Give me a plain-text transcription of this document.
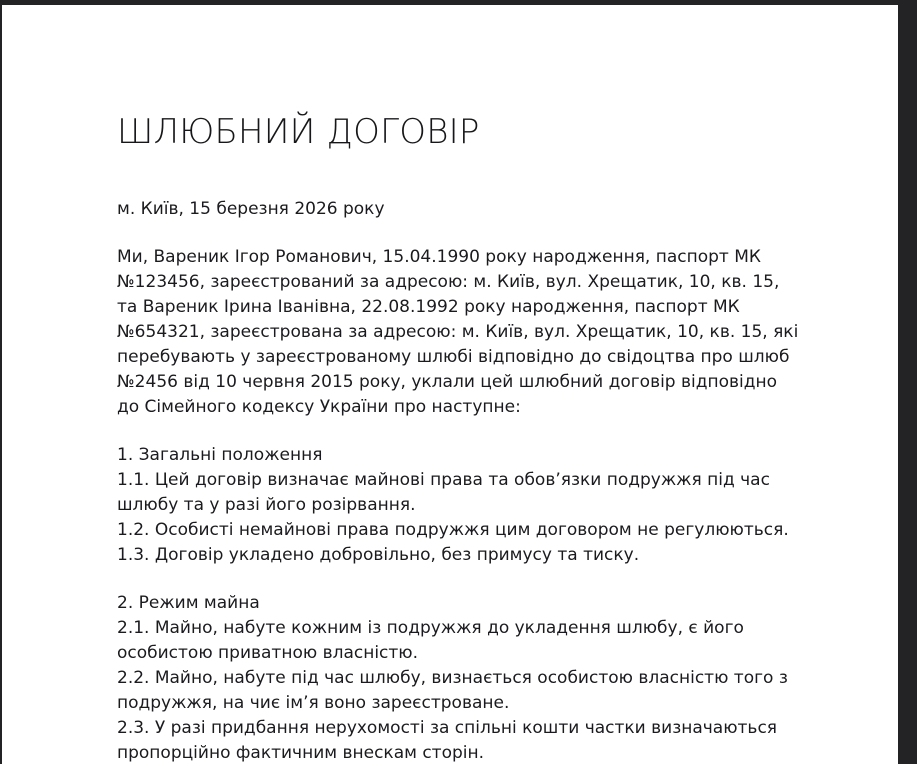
ШЛЮБНИЙ ДОГОВІР

м. Київ, 15 березня 2026 року

Ми, Вареник Ігор Романович, 15.04.1990 року народження, паспорт МК
№123456, зареєстрований за адресою: м. Київ, вул. Хрещатик, 10, кв. 15,
та Вареник Ірина Іванівна, 22.08.1992 року народження, паспорт МК
№654321, зареєстрована за адресою: м. Київ, вул. Хрещатик, 10, кв. 15, які
перебувають у зареєстрованому шлюбі відповідно до свідоцтва про шлюб
№2456 від 10 червня 2015 року, уклали цей шлюбний договір відповідно
до Сімейного кодексу України про наступне:

1. Загальні положення
1.1. Цей договір визначає майнові права та обов’язки подружжя під час
шлюбу та у разі його розірвання.
1.2. Особисті немайнові права подружжя цим договором не регулюються.
1.3. Договір укладено добровільно, без примусу та тиску.

2. Режим майна
2.1. Майно, набуте кожним із подружжя до укладення шлюбу, є його
особистою приватною власністю.
2.2. Майно, набуте під час шлюбу, визнається особистою власністю того з
подружжя, на чиє ім’я воно зареєстроване.
2.3. У разі придбання нерухомості за спільні кошти частки визначаються
пропорційно фактичним внескам сторін.
